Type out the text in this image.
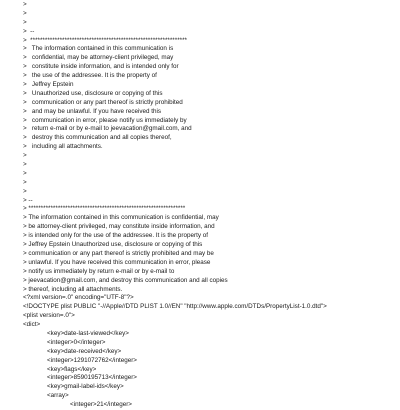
>
>
>
>  --
>  ****************************************************************
>   The information contained in this communication is
>   confidential, may be attorney-client privileged, may
>   constitute inside information, and is intended only for
>   the use of the addressee. It is the property of
>   Jeffrey Epstein
>   Unauthorized use, disclosure or copying of this
>   communication or any part thereof is strictly prohibited
>   and may be unlawful. If you have received this
>   communication in error, please notify us immediately by
>   return e-mail or by e-mail to jeevacation@gmail.com, and
>   destroy this communication and all copies thereof,
>   including all attachments.
>
>
>
>
>
> --
> ****************************************************************
> The information contained in this communication is confidential, may
> be attorney-client privileged, may constitute inside information, and
> is intended only for the use of the addressee. It is the property of
> Jeffrey Epstein Unauthorized use, disclosure or copying of this
> communication or any part thereof is strictly prohibited and may be
> unlawful. If you have received this communication in error, please
> notify us immediately by return e-mail or by e-mail to
> jeevacation@gmail.com, and destroy this communication and all copies
> thereof, including all attachments.
<?xml version=.0" encoding="UTF-8"?>
<!DOCTYPE plist PUBLIC "-//Apple//DTD PLIST 1.0//EN" "http://www.apple.com/DTDs/PropertyList-1.0.dtd">
<plist version=.0">
<dict>
<key>date-last-viewed</key>
<integer>0</integer>
<key>date-received</key>
<integer>1291072762</integer>
<key>flags</key>
<integer>8590195713</integer>
<key>gmail-label-ids</key>
<array>
<integer>21</integer>
